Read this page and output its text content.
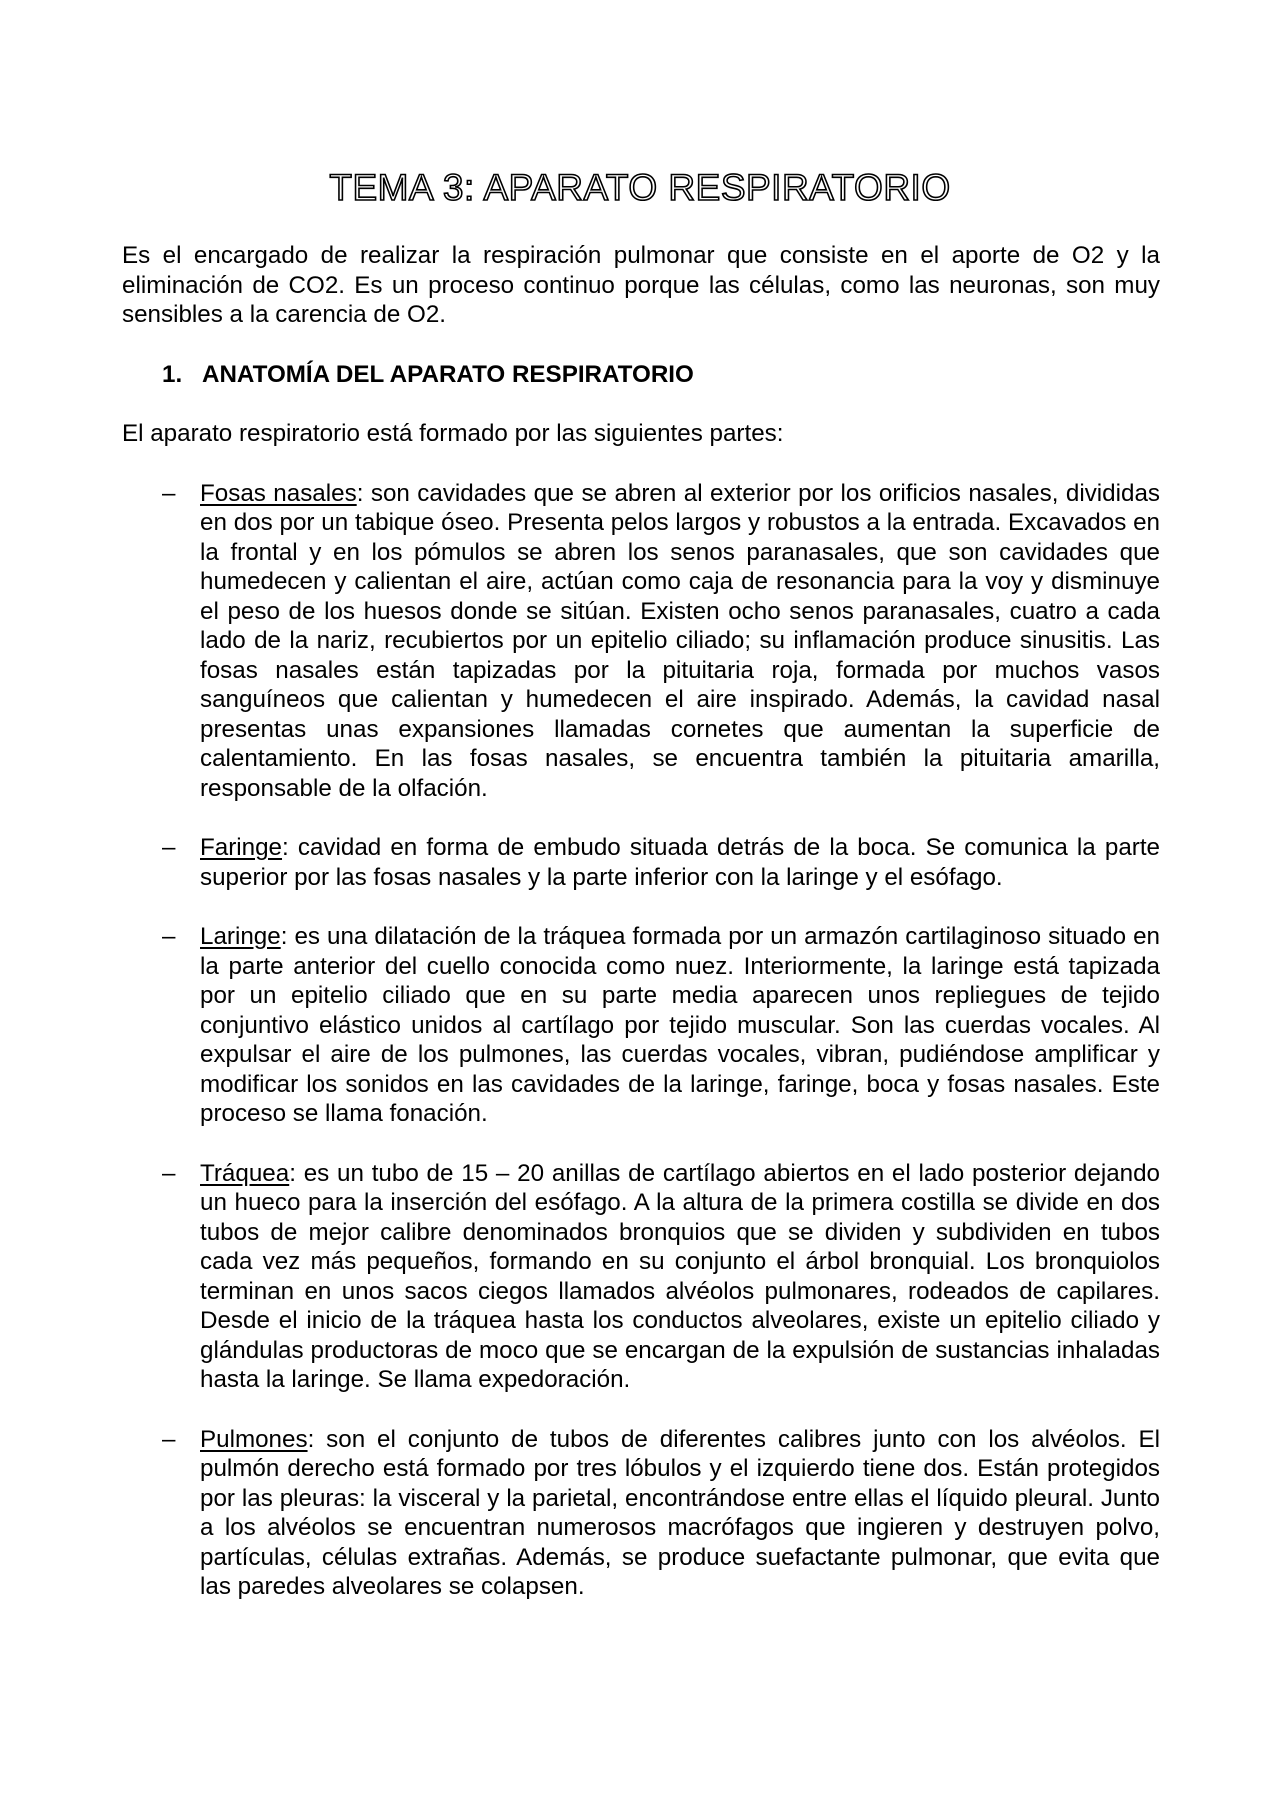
TEMA 3: APARATO RESPIRATORIO

Es el encargado de realizar la respiración pulmonar que consiste en el aporte de O2 y la eliminación de CO2. Es un proceso continuo porque las células, como las neuronas, son muy sensibles a la carencia de O2.

1. ANATOMÍA DEL APARATO RESPIRATORIO

El aparato respiratorio está formado por las siguientes partes:

– Fosas nasales: son cavidades que se abren al exterior por los orificios nasales, divididas en dos por un tabique óseo. Presenta pelos largos y robustos a la entrada. Excavados en la frontal y en los pómulos se abren los senos paranasales, que son cavidades que humedecen y calientan el aire, actúan como caja de resonancia para la voy y disminuye el peso de los huesos donde se sitúan. Existen ocho senos paranasales, cuatro a cada lado de la nariz, recubiertos por un epitelio ciliado; su inflamación produce sinusitis. Las fosas nasales están tapizadas por la pituitaria roja, formada por muchos vasos sanguíneos que calientan y humedecen el aire inspirado. Además, la cavidad nasal presentas unas expansiones llamadas cornetes que aumentan la superficie de calentamiento. En las fosas nasales, se encuentra también la pituitaria amarilla, responsable de la olfación.
– Faringe: cavidad en forma de embudo situada detrás de la boca. Se comunica la parte superior por las fosas nasales y la parte inferior con la laringe y el esófago.
– Laringe: es una dilatación de la tráquea formada por un armazón cartilaginoso situado en la parte anterior del cuello conocida como nuez. Interiormente, la laringe está tapizada por un epitelio ciliado que en su parte media aparecen unos repliegues de tejido conjuntivo elástico unidos al cartílago por tejido muscular. Son las cuerdas vocales. Al expulsar el aire de los pulmones, las cuerdas vocales, vibran, pudiéndose amplificar y modificar los sonidos en las cavidades de la laringe, faringe, boca y fosas nasales. Este proceso se llama fonación.
– Tráquea: es un tubo de 15 – 20 anillas de cartílago abiertos en el lado posterior dejando un hueco para la inserción del esófago. A la altura de la primera costilla se divide en dos tubos de mejor calibre denominados bronquios que se dividen y subdividen en tubos cada vez más pequeños, formando en su conjunto el árbol bronquial. Los bronquiolos terminan en unos sacos ciegos llamados alvéolos pulmonares, rodeados de capilares. Desde el inicio de la tráquea hasta los conductos alveolares, existe un epitelio ciliado y glándulas productoras de moco que se encargan de la expulsión de sustancias inhaladas hasta la laringe. Se llama expedoración.
– Pulmones: son el conjunto de tubos de diferentes calibres junto con los alvéolos. El pulmón derecho está formado por tres lóbulos y el izquierdo tiene dos. Están protegidos por las pleuras: la visceral y la parietal, encontrándose entre ellas el líquido pleural. Junto a los alvéolos se encuentran numerosos macrófagos que ingieren y destruyen polvo, partículas, células extrañas. Además, se produce suefactante pulmonar, que evita que las paredes alveolares se colapsen.
